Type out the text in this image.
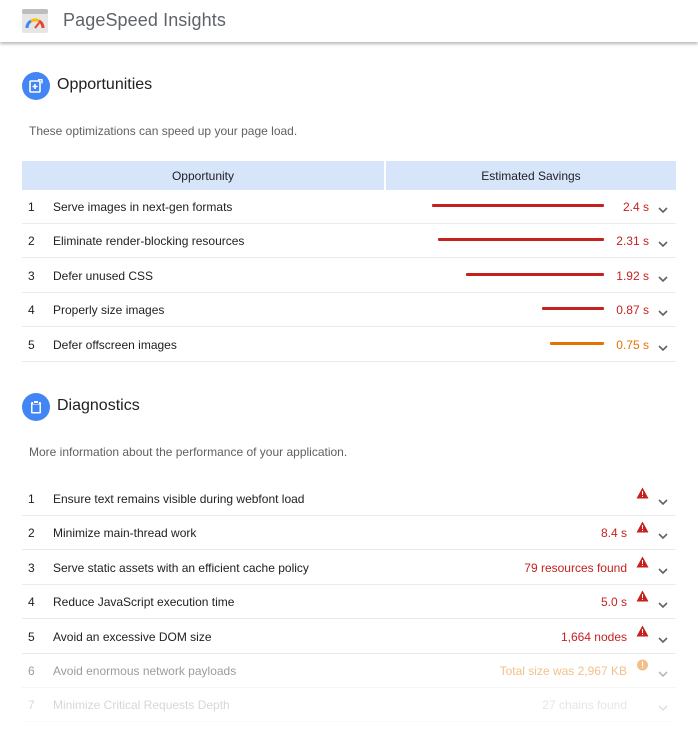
PageSpeed Insights
Opportunities
These optimizations can speed up your page load.
Opportunity	Estimated Savings
1	Serve images in next-gen formats	2.4 s
2	Eliminate render-blocking resources	2.31 s
3	Defer unused CSS	1.92 s
4	Properly size images	0.87 s
5	Defer offscreen images	0.75 s
Diagnostics
More information about the performance of your application.
1	Ensure text remains visible during webfont load
2	Minimize main-thread work	8.4 s
3	Serve static assets with an efficient cache policy	79 resources found
4	Reduce JavaScript execution time	5.0 s
5	Avoid an excessive DOM size	1,664 nodes
6	Avoid enormous network payloads	Total size was 2,967 KB
7	Minimize Critical Requests Depth	27 chains found
